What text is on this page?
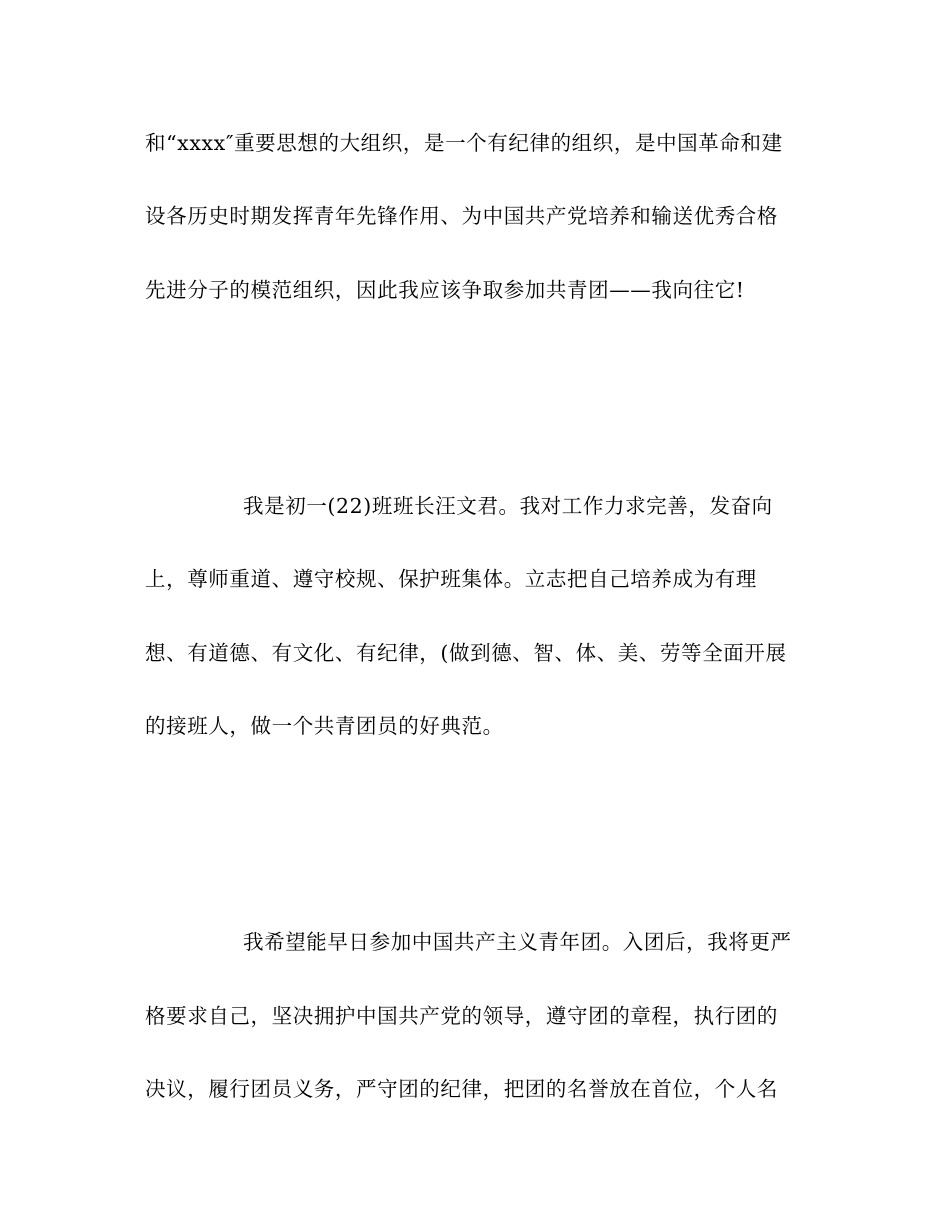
和“xxxx″重要思想的大组织，是一个有纪律的组织，是中国革命和建
设各历史时期发挥青年先锋作用、为中国共产党培养和输送优秀合格
先进分子的模范组织，因此我应该争取参加共青团——我向往它!
我是初一(22)班班长汪文君。我对工作力求完善，发奋向
上，尊师重道、遵守校规、保护班集体。立志把自己培养成为有理
想、有道德、有文化、有纪律，(做到德、智、体、美、劳等全面开展
的接班人，做一个共青团员的好典范。
我希望能早日参加中国共产主义青年团。入团后，我将更严
格要求自己，坚决拥护中国共产党的领导，遵守团的章程，执行团的
决议，履行团员义务，严守团的纪律，把团的名誉放在首位，个人名
